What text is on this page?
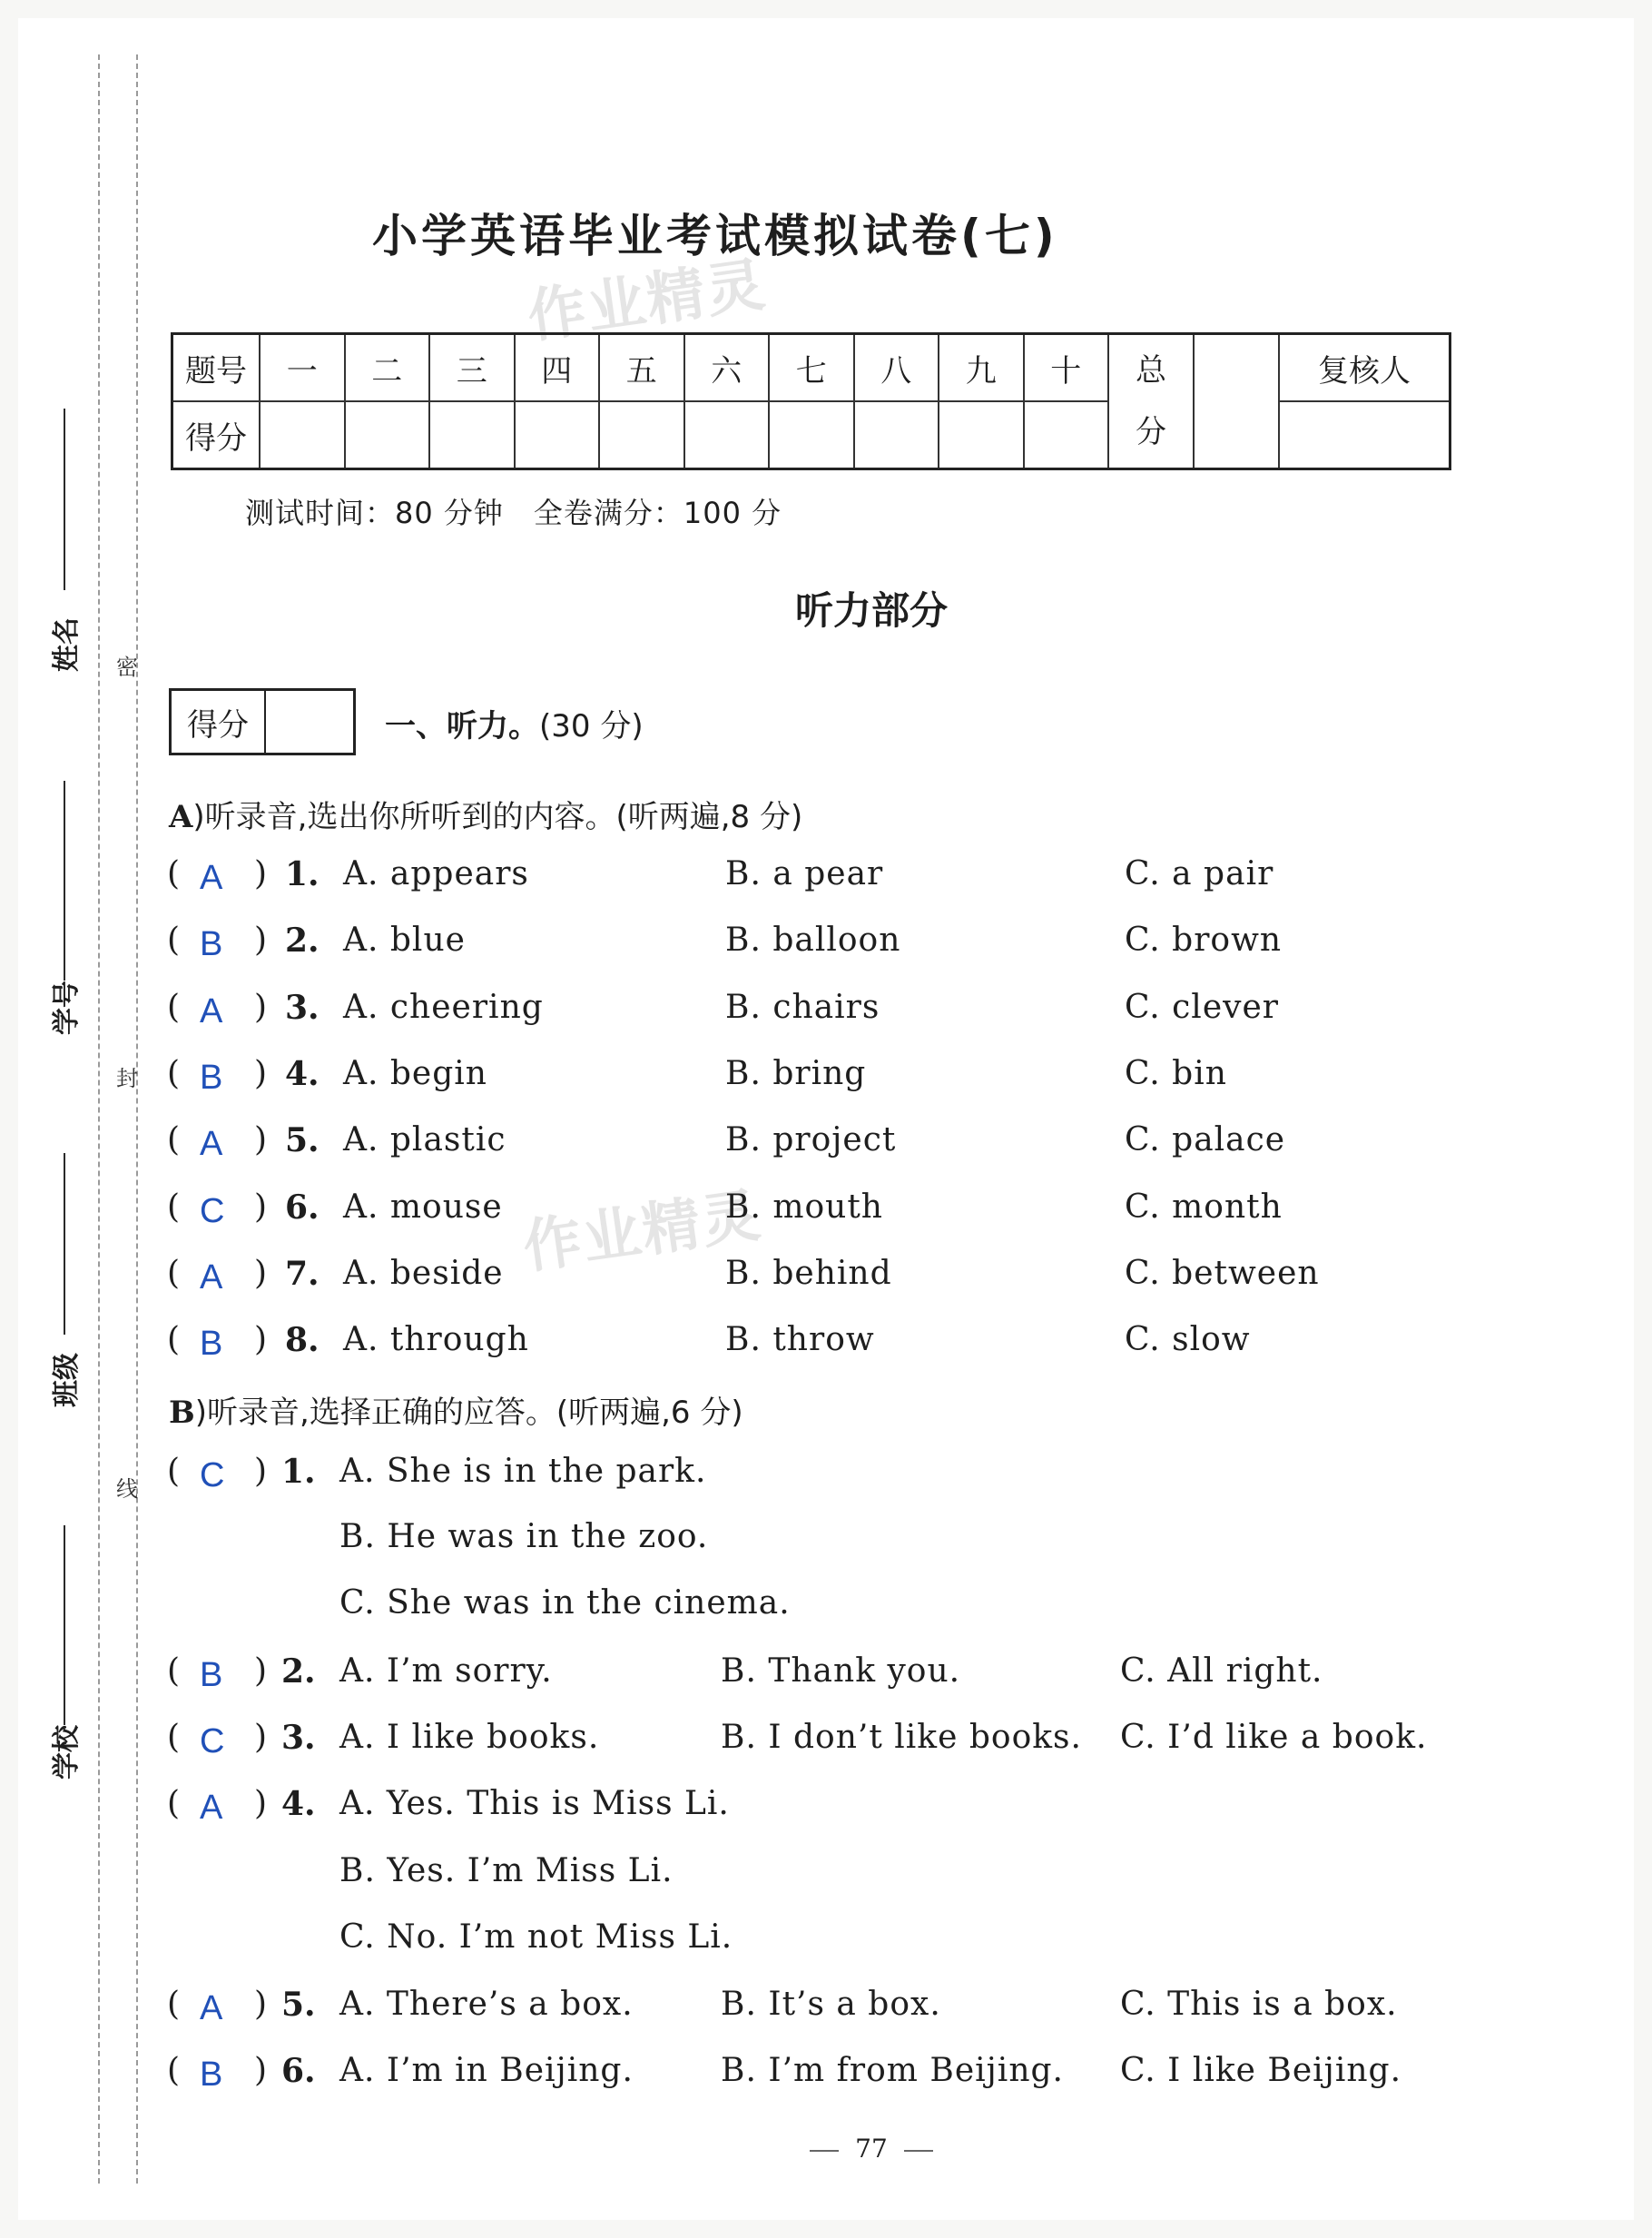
姓名
学号
班级
学校
密
封
线
小学英语毕业考试模拟试卷(七)
作业精灵
题号	一	二	三	四	五	六	七	八	九	十	总分		复核人
得分													
测试时间：80 分钟　全卷满分：100 分
听力部分
得分	一、听力。(30 分)
A)听录音,选出你所听到的内容。(听两遍,8 分)
作业精灵
( A ) 1. A. appears	B. a pear	C. a pair
( B ) 2. A. blue	B. balloon	C. brown
( A ) 3. A. cheering	B. chairs	C. clever
( B ) 4. A. begin	B. bring	C. bin
( A ) 5. A. plastic	B. project	C. palace
( C ) 6. A. mouse	B. mouth	C. month
( A ) 7. A. beside	B. behind	C. between
( B ) 8. A. through	B. throw	C. slow
B)听录音,选择正确的应答。(听两遍,6 分)
( C ) 1. A. She is in the park.
B. He was in the zoo.
C. She was in the cinema.
( B ) 2. A. I’m sorry.	B. Thank you.	C. All right.
( C ) 3. A. I like books.	B. I don’t like books. C. I’d like a book.
( A ) 4. A. Yes. This is Miss Li.
B. Yes. I’m Miss Li.
C. No. I’m not Miss Li.
( A ) 5. A. There’s a box.	B. It’s a box.	C. This is a box.
( B ) 6. A. I’m in Beijing.	B. I’m from Beijing. C. I like Beijing.
77
